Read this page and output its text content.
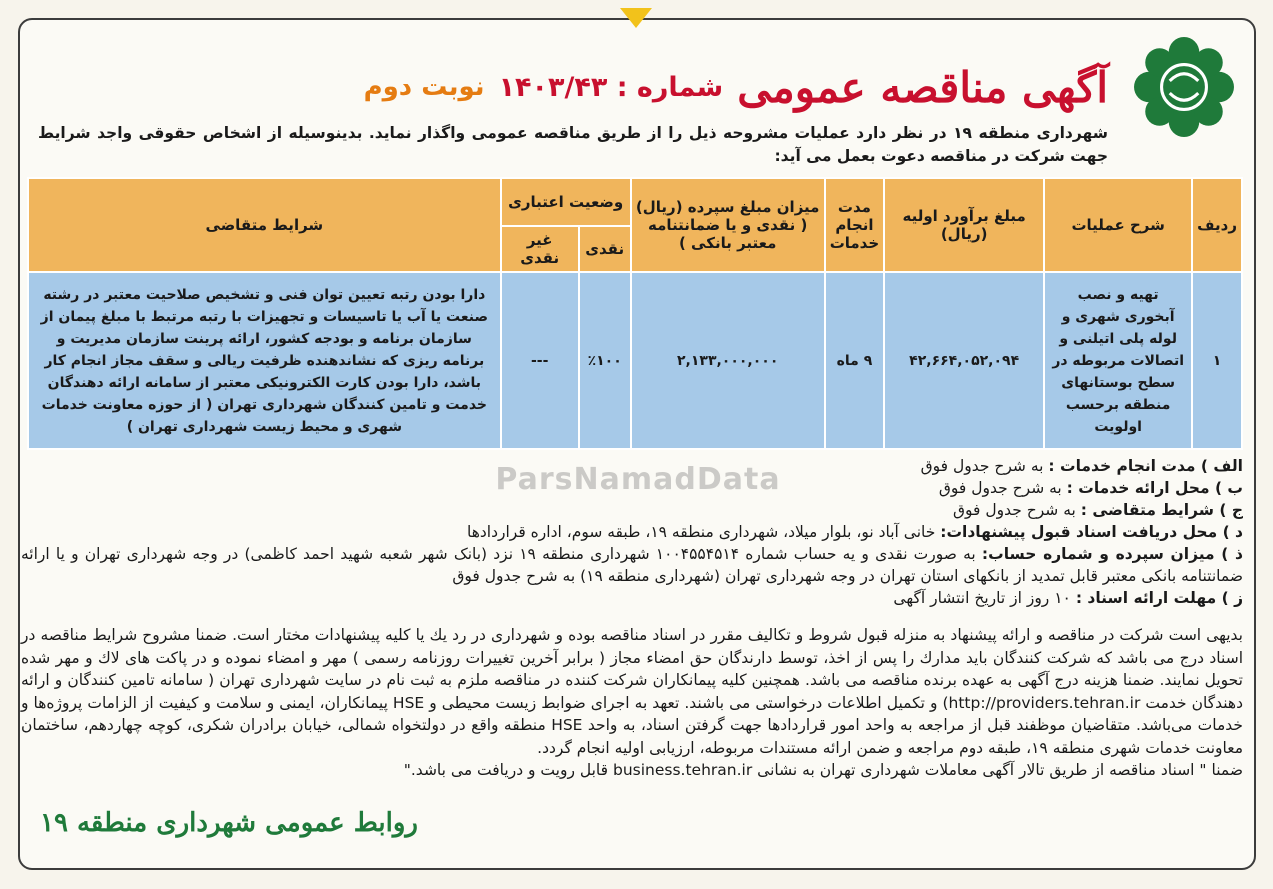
آگهی مناقصه عمومی
شماره : ۱۴۰۳/۴۳
نوبت دوم
شهرداری منطقه ۱۹ در نظر دارد عملیات مشروحه ذیل را از طریق مناقصه عمومی واگذار نماید. بدینوسیله از اشخاص حقوقی واجد شرایط جهت شرکت در مناقصه دعوت بعمل می آید:
ردیف	شرح عملیات	مبلغ برآورد اولیه (ریال)	مدت انجام خدمات	میزان مبلغ سپرده (ریال) ( نقدی و یا ضمانتنامه معتبر بانکی )	وضعیت اعتباری		شرایط متقاضی
					نقدی	غیر نقدی	
۱	تهیه و نصب آبخوری شهری و لوله پلی اتیلنی و اتصالات مربوطه در سطح بوستانهای منطقه برحسب اولویت	۴۲,۶۶۴,۰۵۲,۰۹۴	۹ ماه	۲,۱۳۳,۰۰۰,۰۰۰	٪۱۰۰	---	دارا بودن رتبه تعیین توان فنی و تشخیص صلاحیت معتبر در رشته صنعت یا آب یا تاسیسات و تجهیزات با رتبه مرتبط با مبلغ پیمان از سازمان برنامه و بودجه کشور، ارائه پرینت سازمان مدیریت و برنامه ریزی که نشاندهنده ظرفیت ریالی و سقف مجاز انجام کار باشد، دارا بودن کارت الکترونیکی معتبر از سامانه ارائه دهندگان خدمت و تامین کنندگان شهرداری تهران ( از حوزه معاونت خدمات شهری و محیط زیست شهرداری تهران )
ParsNamadData	الف ) مدت انجام خدمات : به شرح جدول فوق
ب ) محل ارائه خدمات : به شرح جدول فوق
ج ) شرایط متقاضی : به شرح جدول فوق
د ) محل دریافت اسناد قبول پیشنهادات: خانی آباد نو، بلوار میلاد، شهرداری منطقه ۱۹، طبقه سوم، اداره قراردادها
ذ ) میزان سپرده و شماره حساب: به صورت نقدی و یه حساب شماره ۱۰۰۴۵۵۴۵۱۴ شهرداری منطقه ۱۹ نزد (بانک شهر شعبه شهید احمد کاظمی) در وجه شهرداری تهران و یا ارائه ضمانتنامه بانکی معتبر قابل تمدید از بانکهای استان تهران در وجه شهرداری تهران (شهرداری منطقه ۱۹) به شرح جدول فوق
ز ) مهلت ارائه اسناد : ۱۰ روز از تاریخ انتشار آگهی
بدیهی است شرکت در مناقصه و ارائه پیشنهاد به منزله قبول شروط و تکالیف مقرر در اسناد مناقصه بوده و شهرداری در رد یك یا کلیه پیشنهادات مختار است. ضمنا مشروح شرایط مناقصه در اسناد درج می باشد که شرکت کنندگان باید مدارك را پس از اخذ، توسط دارندگان حق امضاء مجاز ( برابر آخرین تغییرات روزنامه رسمی ) مهر و امضاء نموده و در پاکت های لاك و مهر شده تحویل نمایند. ضمنا هزینه درج آگهی به عهده برنده مناقصه می باشد. همچنین کلیه پیمانکاران شرکت کننده در مناقصه ملزم به ثبت نام در سایت شهرداری تهران ( سامانه تامین کنندگان و ارائه دهندگان خدمت http://providers.tehran.ir) و تکمیل اطلاعات درخواستی می باشند. تعهد به اجرای ضوابط زیست محیطی و HSE پیمانکاران، ایمنی و سلامت و کیفیت از الزامات پروژه‌ها و خدمات می‌باشد. متقاضیان موظفند قبل از مراجعه به واحد امور قراردادها جهت گرفتن اسناد، به واحد HSE منطقه واقع در دولتخواه شمالی، خیابان برادران شکری، کوچه چهاردهم، ساختمان معاونت خدمات شهری منطقه ۱۹، طبقه دوم مراجعه و ضمن ارائه مستندات مربوطه، ارزیابی اولیه انجام گردد.
ضمنا " اسناد مناقصه از طریق تالار آگهی معاملات شهرداری تهران به نشانی business.tehran.ir قابل رویت و دریافت می باشد."
روابط عمومی شهرداری منطقه ۱۹
